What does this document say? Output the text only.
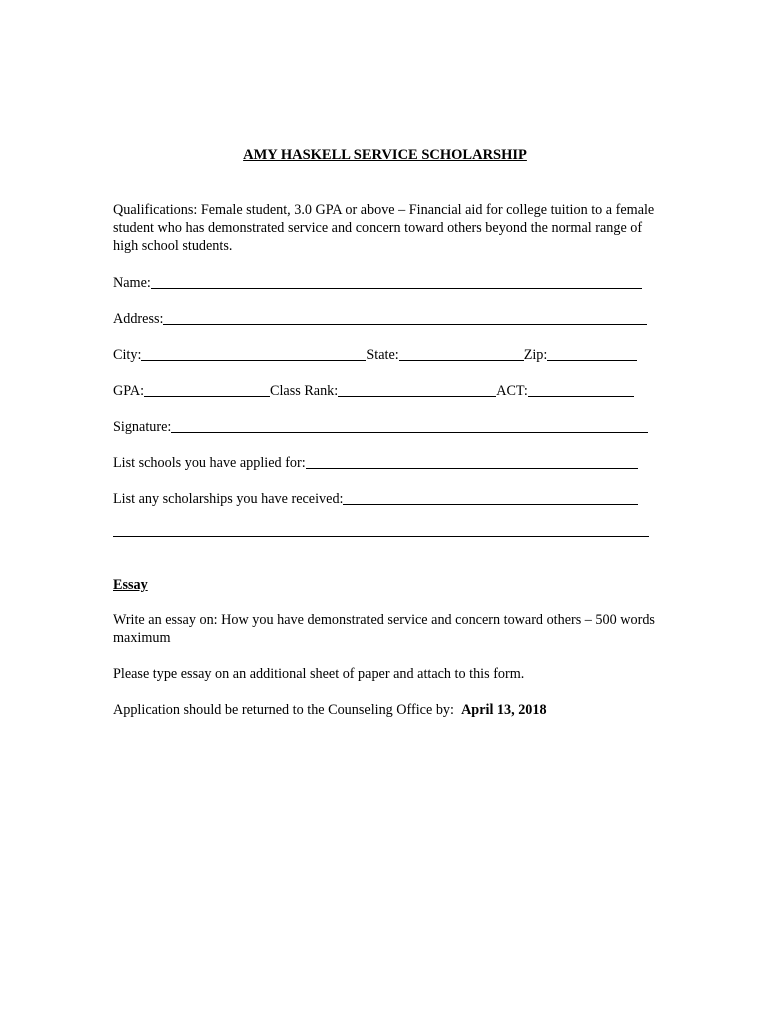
AMY HASKELL SERVICE SCHOLARSHIP
Qualifications: Female student, 3.0 GPA or above – Financial aid for college tuition to a female student who has demonstrated service and concern toward others beyond the normal range of high school students.
Name:
Address:
City:	State:	Zip:
GPA:	Class Rank:	ACT:
Signature:
List schools you have applied for:
List any scholarships you have received:
Essay
Write an essay on: How you have demonstrated service and concern toward others – 500 words maximum
Please type essay on an additional sheet of paper and attach to this form.
Application should be returned to the Counseling Office by: April 13, 2018
